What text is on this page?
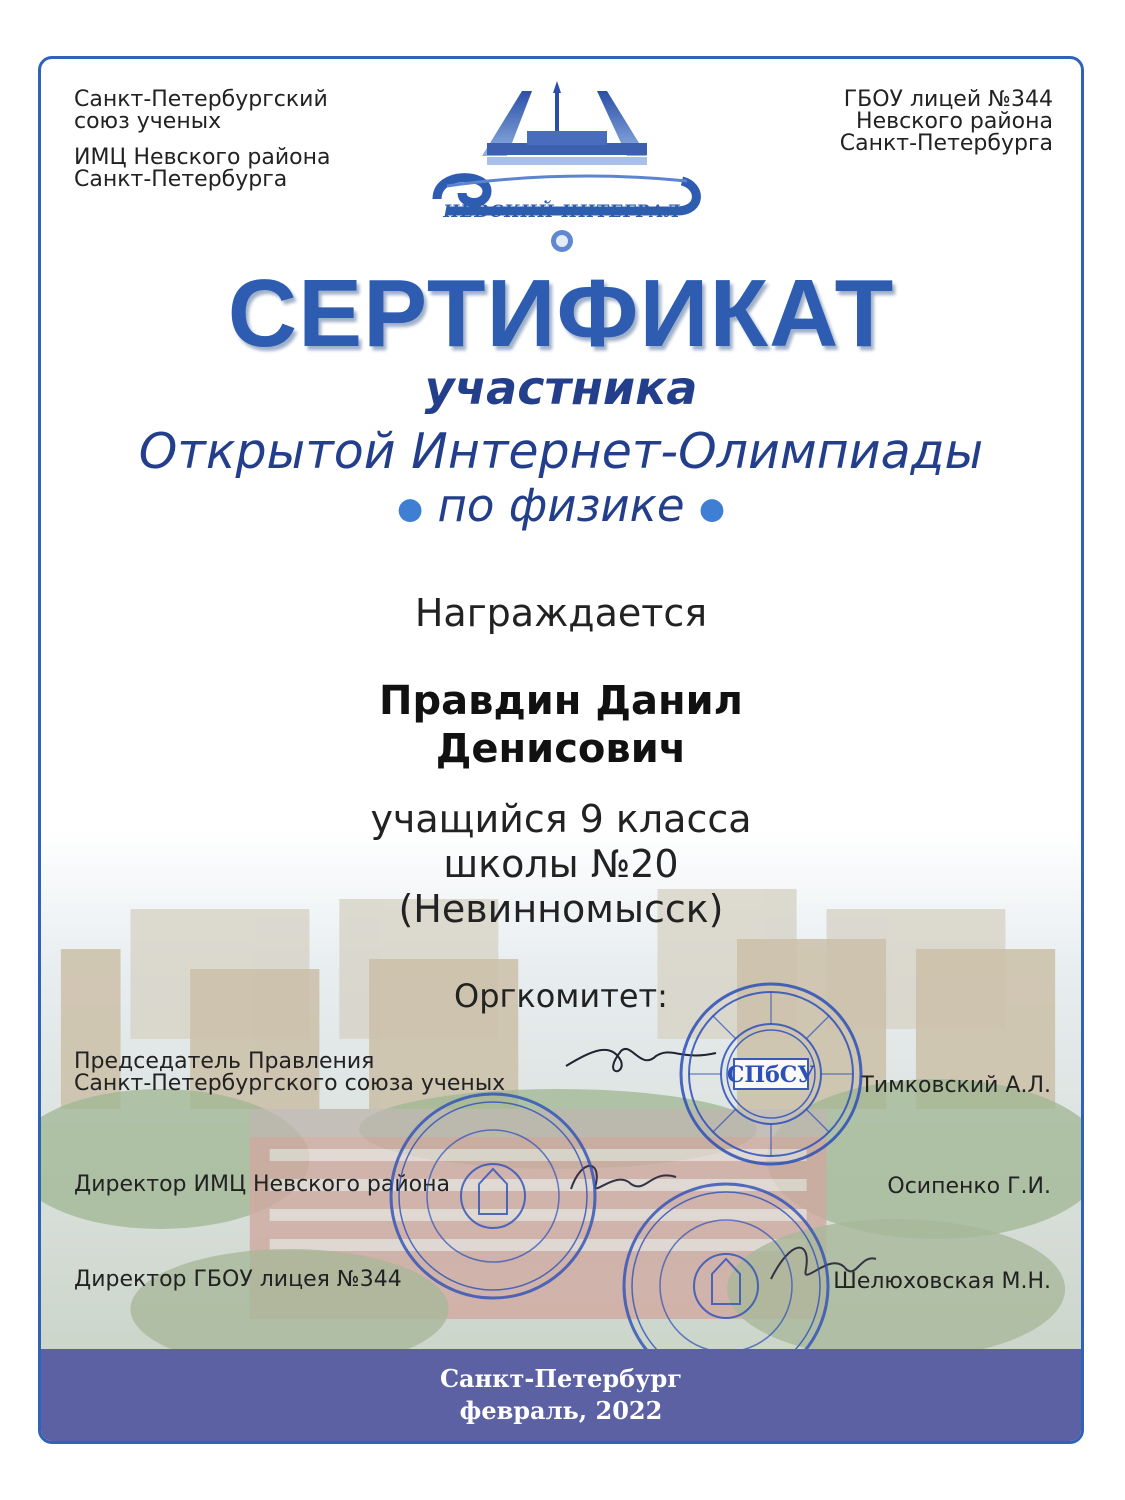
Санкт-Петербургский
союз ученых
ИМЦ Невского района
Санкт-Петербурга
ГБОУ лицей №344
Невского района
Санкт-Петербурга
НЕВСКИЙ ИНТЕГРАЛ
СЕРТИФИКАТ
участника
Открытой Интернет-Олимпиады
● по физике ●
Награждается
Правдин Данил
Денисович
учащийся 9 класса
школы №20
(Невинномысск)
Оргкомитет:
Председатель Правления
Санкт-Петербургского союза ученых	Тимковский А.Л.
Директор ИМЦ Невского района	Осипенко Г.И.
Директор ГБОУ лицея №344	Шелюховская М.Н.
СПбСУ
Санкт-Петербург
февраль, 2022
